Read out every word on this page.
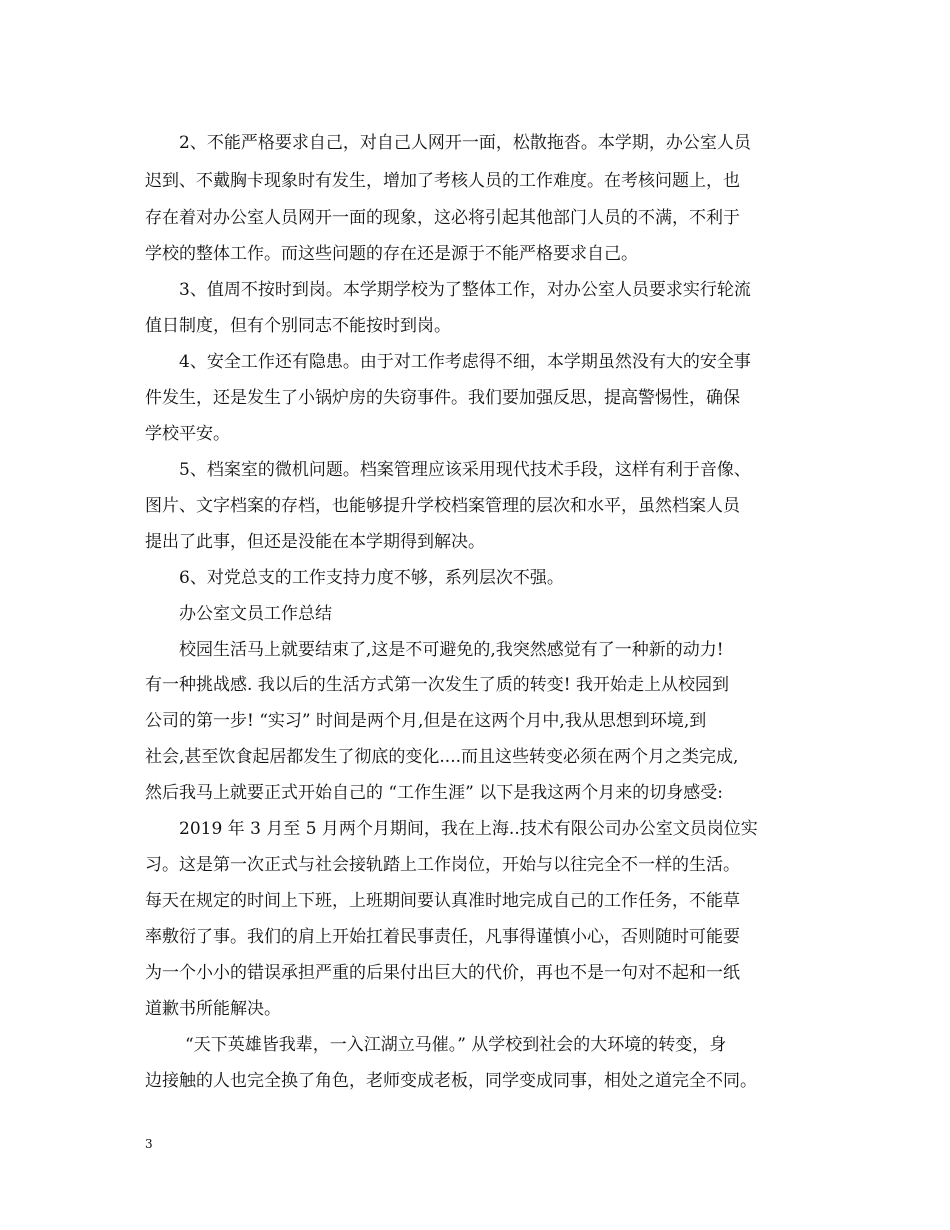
2、不能严格要求自己，对自己人网开一面，松散拖沓。本学期，办公室人员
迟到、不戴胸卡现象时有发生，增加了考核人员的工作难度。在考核问题上，也
存在着对办公室人员网开一面的现象，这必将引起其他部门人员的不满，不利于
学校的整体工作。而这些问题的存在还是源于不能严格要求自己。
3、值周不按时到岗。本学期学校为了整体工作，对办公室人员要求实行轮流
值日制度，但有个别同志不能按时到岗。
4、安全工作还有隐患。由于对工作考虑得不细，本学期虽然没有大的安全事
件发生，还是发生了小锅炉房的失窃事件。我们要加强反思，提高警惕性，确保
学校平安。
5、档案室的微机问题。档案管理应该采用现代技术手段，这样有利于音像、
图片、文字档案的存档，也能够提升学校档案管理的层次和水平，虽然档案人员
提出了此事，但还是没能在本学期得到解决。
6、对党总支的工作支持力度不够，系列层次不强。
办公室文员工作总结
校园生活马上就要结束了,这是不可避免的,我突然感觉有了一种新的动力!
有一种挑战感. 我以后的生活方式第一次发生了质的转变! 我开始走上从校园到
公司的第一步! “实习” 时间是两个月,但是在这两个月中,我从思想到环境,到
社会,甚至饮食起居都发生了彻底的变化....而且这些转变必须在两个月之类完成,
然后我马上就要正式开始自己的 “工作生涯” 以下是我这两个月来的切身感受:
2019 年 3 月至 5 月两个月期间，我在上海..技术有限公司办公室文员岗位实
习。这是第一次正式与社会接轨踏上工作岗位，开始与以往完全不一样的生活。
每天在规定的时间上下班，上班期间要认真准时地完成自己的工作任务，不能草
率敷衍了事。我们的肩上开始扛着民事责任，凡事得谨慎小心，否则随时可能要
为一个小小的错误承担严重的后果付出巨大的代价，再也不是一句对不起和一纸
道歉书所能解决。
“天下英雄皆我辈，一入江湖立马催。” 从学校到社会的大环境的转变，身
边接触的人也完全换了角色，老师变成老板，同学变成同事，相处之道完全不同。
3
